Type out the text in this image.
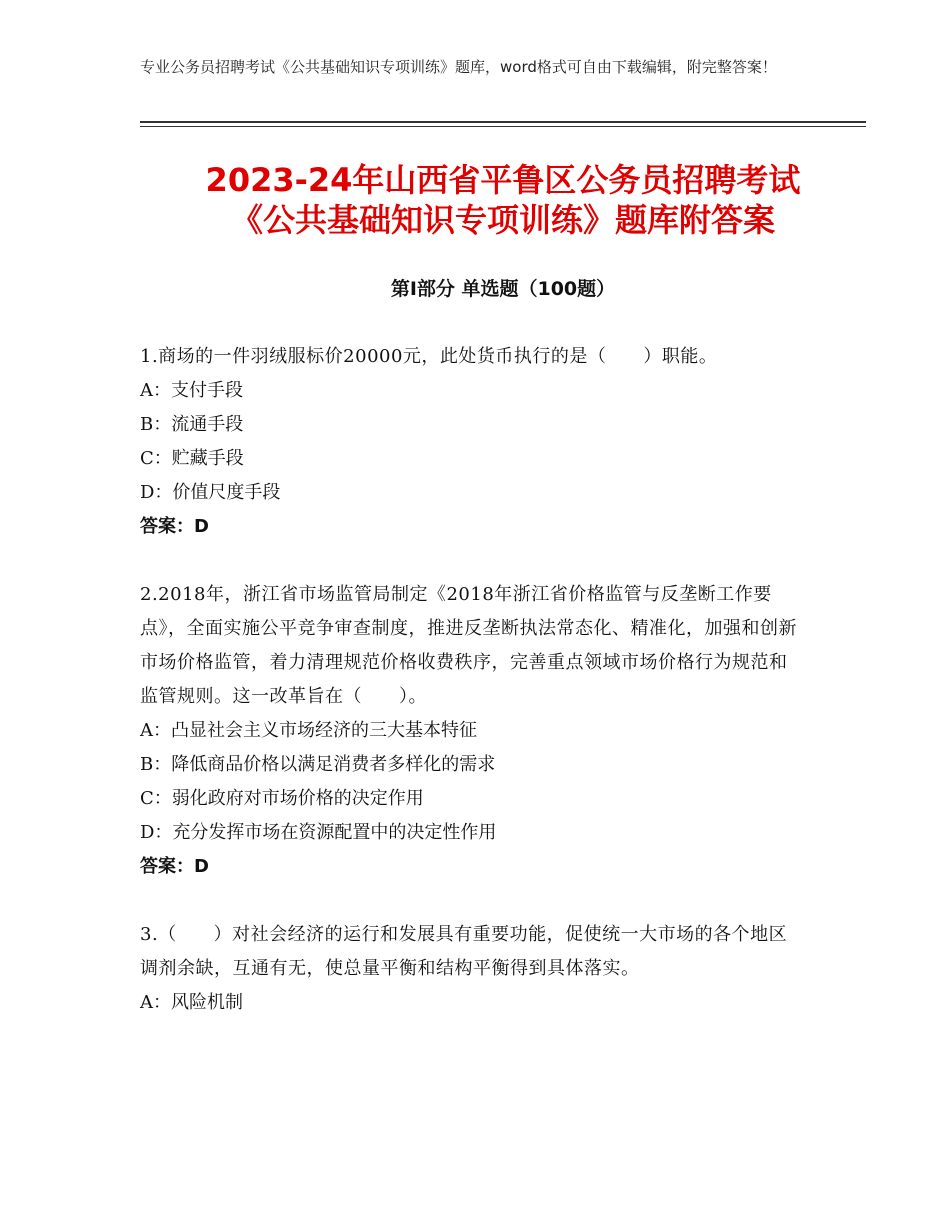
专业公务员招聘考试《公共基础知识专项训练》题库，word格式可自由下载编辑，附完整答案！
2023-24年山西省平鲁区公务员招聘考试
《公共基础知识专项训练》题库附答案
第Ⅰ部分 单选题（100题）

1.商场的一件羽绒服标价20000元，此处货币执行的是（　　）职能。

A：支付手段

B：流通手段

C：贮藏手段

D：价值尺度手段

答案：D

2.2018年，浙江省市场监管局制定《2018年浙江省价格监管与反垄断工作要点》，全面实施公平竞争审查制度，推进反垄断执法常态化、精准化，加强和创新市场价格监管，着力清理规范价格收费秩序，完善重点领域市场价格行为规范和监管规则。这一改革旨在（　　）。

A：凸显社会主义市场经济的三大基本特征

B：降低商品价格以满足消费者多样化的需求

C：弱化政府对市场价格的决定作用

D：充分发挥市场在资源配置中的决定性作用

答案：D

3.（　　）对社会经济的运行和发展具有重要功能，促使统一大市场的各个地区调剂余缺，互通有无，使总量平衡和结构平衡得到具体落实。

A：风险机制
